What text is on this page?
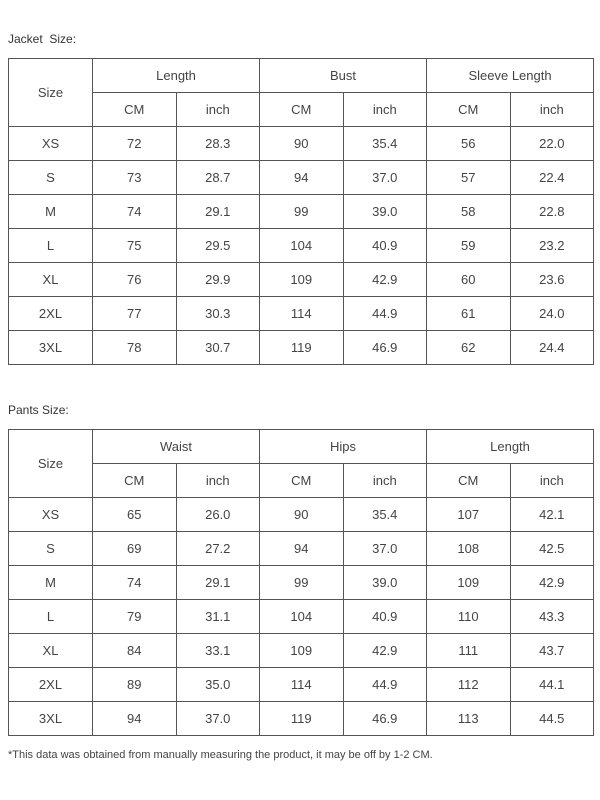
Jacket  Size:
Size	Length		Bust		Sleeve Length	
	CM	inch	CM	inch	CM	inch
XS	72	28.3	90	35.4	56	22.0
S	73	28.7	94	37.0	57	22.4
M	74	29.1	99	39.0	58	22.8
L	75	29.5	104	40.9	59	23.2
XL	76	29.9	109	42.9	60	23.6
2XL	77	30.3	114	44.9	61	24.0
3XL	78	30.7	119	46.9	62	24.4
Pants Size:
Size	Waist		Hips		Length	
	CM	inch	CM	inch	CM	inch
XS	65	26.0	90	35.4	107	42.1
S	69	27.2	94	37.0	108	42.5
M	74	29.1	99	39.0	109	42.9
L	79	31.1	104	40.9	110	43.3
XL	84	33.1	109	42.9	111	43.7
2XL	89	35.0	114	44.9	112	44.1
3XL	94	37.0	119	46.9	113	44.5
*This data was obtained from manually measuring the product, it may be off by 1-2 CM.
